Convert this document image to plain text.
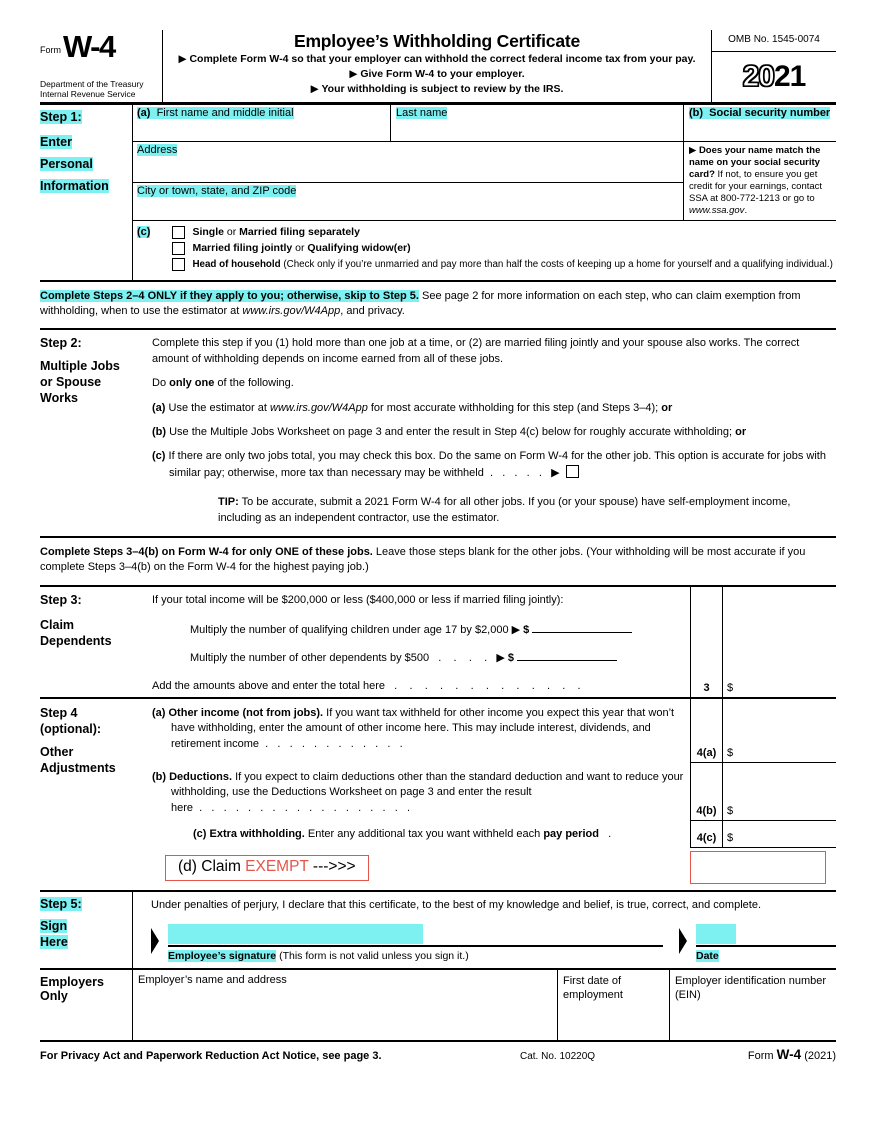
Form W-4
Department of the Treasury
Internal Revenue Service
Employee’s Withholding Certificate
▶ Complete Form W-4 so that your employer can withhold the correct federal income tax from your pay.
▶ Give Form W-4 to your employer.
▶ Your withholding is subject to review by the IRS.
OMB No. 1545-0074
20 21
Step 1:
Enter
Personal
Information
(a)  First name and middle initial	Last name
Address
City or town, state, and ZIP code
(b)  Social security number
▶ Does your name match the name on your social security card? If not, to ensure you get credit for your earnings, contact SSA at 800-772-1213 or go to www.ssa.gov.
(c)	Single or Married filing separately
Married filing jointly or Qualifying widow(er)
Head of household (Check only if you’re unmarried and pay more than half the costs of keeping up a home for yourself and a qualifying individual.)
Complete Steps 2–4 ONLY if they apply to you; otherwise, skip to Step 5. See page 2 for more information on each step, who can claim exemption from withholding, when to use the estimator at www.irs.gov/W4App, and privacy.
Step 2:
Multiple Jobs
or Spouse
Works
Complete this step if you (1) hold more than one job at a time, or (2) are married filing jointly and your spouse also works. The correct amount of withholding depends on income earned from all of these jobs.
Do only one of the following.
(a) Use the estimator at www.irs.gov/W4App for most accurate withholding for this step (and Steps 3–4); or
(b) Use the Multiple Jobs Worksheet on page 3 and enter the result in Step 4(c) below for roughly accurate withholding; or
(c) If there are only two jobs total, you may check this box. Do the same on Form W-4 for the other job. This option is accurate for jobs with similar pay; otherwise, more tax than necessary may be withheld  .   .   .   .   .   ▶
TIP: To be accurate, submit a 2021 Form W-4 for all other jobs. If you (or your spouse) have self-employment income, including as an independent contractor, use the estimator.
Complete Steps 3–4(b) on Form W-4 for only ONE of these jobs. Leave those steps blank for the other jobs. (Your withholding will be most accurate if you complete Steps 3–4(b) on the Form W-4 for the highest paying job.)
Step 3:
Claim
Dependents
If your total income will be $200,000 or less ($400,000 or less if married filing jointly):
Multiply the number of qualifying children under age 17 by $2,000 ▶ $
Multiply the number of other dependents by $500   .    .    .    .   ▶ $
Add the amounts above and enter the total here   .    .    .    .    .    .    .    .    .    .    .    .    .	3	$
Step 4
(optional):
Other
Adjustments
(a) Other income (not from jobs). If you want tax withheld for other income you expect this year that won’t have withholding, enter the amount of other income here. This may include interest, dividends, and retirement income  .   .   .   .   .   .   .   .   .   .   .   .
4(a) $
(b) Deductions. If you expect to claim deductions other than the standard deduction and want to reduce your withholding, use the Deductions Worksheet on page 3 and enter the result here  .   .   .   .   .   .   .   .   .   .   .   .   .   .   .   .   .   .	4(b) $
(c) Extra withholding. Enter any additional tax you want withheld each pay period   .	4(c) $
(d) Claim EXEMPT --->>>
Step 5:
Sign
Here
Under penalties of perjury, I declare that this certificate, to the best of my knowledge and belief, is true, correct, and complete.
Employee’s signature (This form is not valid unless you sign it.)	Date
Employers
Only
Employer’s name and address	First date of employment
Employer identification number (EIN)
For Privacy Act and Paperwork Reduction Act Notice, see page 3.	Cat. No. 10220Q	Form W-4 (2021)
